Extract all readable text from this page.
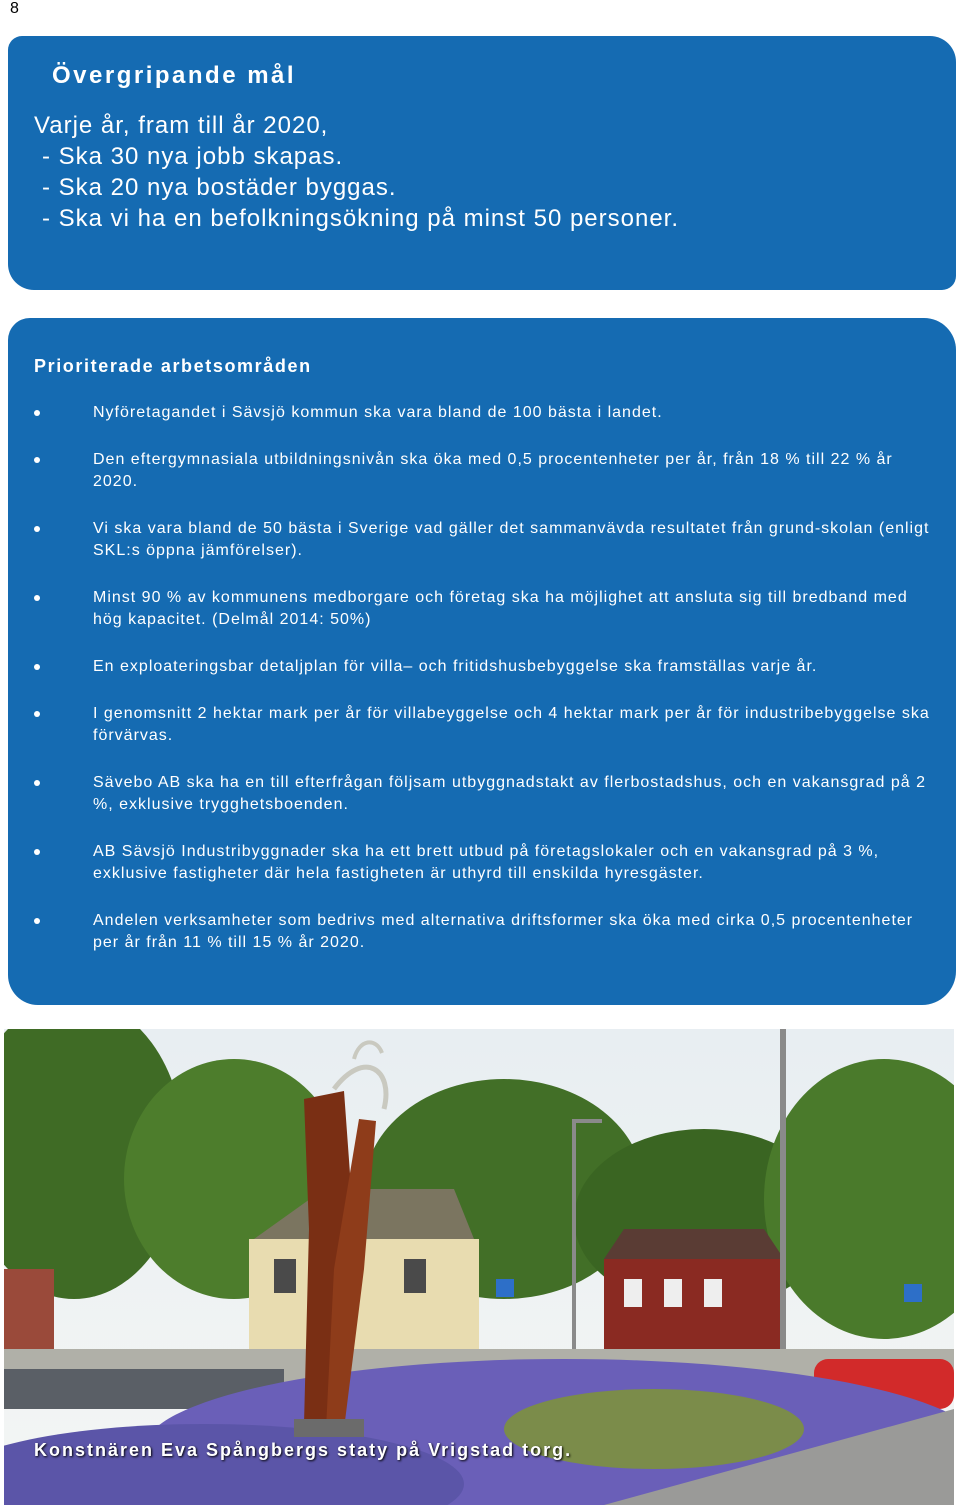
8
Övergripande mål

Varje år, fram till år 2020,

- Ska 30 nya jobb skapas.
- Ska 20 nya bostäder byggas.
- Ska vi ha en befolkningsökning på minst 50 personer.
Prioriterade arbetsområden
Nyföretagandet i Sävsjö kommun ska vara bland de 100 bästa i landet.
Den eftergymnasiala utbildningsnivån ska öka med 0,5 procentenheter per år, från 18 % till 22 % år 2020.
Vi ska vara bland de 50 bästa i Sverige vad gäller det sammanvävda resultatet från grund-skolan (enligt SKL:s öppna jämförelser).
Minst 90 % av kommunens medborgare och företag ska ha möjlighet att ansluta sig till bredband med hög kapacitet. (Delmål 2014: 50%)
En exploateringsbar detaljplan för villa– och fritidshusbebyggelse ska framställas varje år.
I genomsnitt 2 hektar mark per år för villabeyggelse och 4 hektar mark per år för industribebyggelse ska förvärvas.
Sävebo AB ska ha en till efterfrågan följsam utbyggnadstakt av flerbostadshus, och en vakansgrad på 2 %, exklusive trygghetsboenden.
AB Sävsjö Industribyggnader ska ha ett brett utbud på företagslokaler och en vakansgrad på 3 %, exklusive fastigheter där hela fastigheten är uthyrd till enskilda hyresgäster.
Andelen verksamheter som bedrivs med alternativa driftsformer ska öka med cirka 0,5 procentenheter per år från 11 % till 15 % år 2020.
Konstnären Eva Spångbergs staty på Vrigstad torg.
